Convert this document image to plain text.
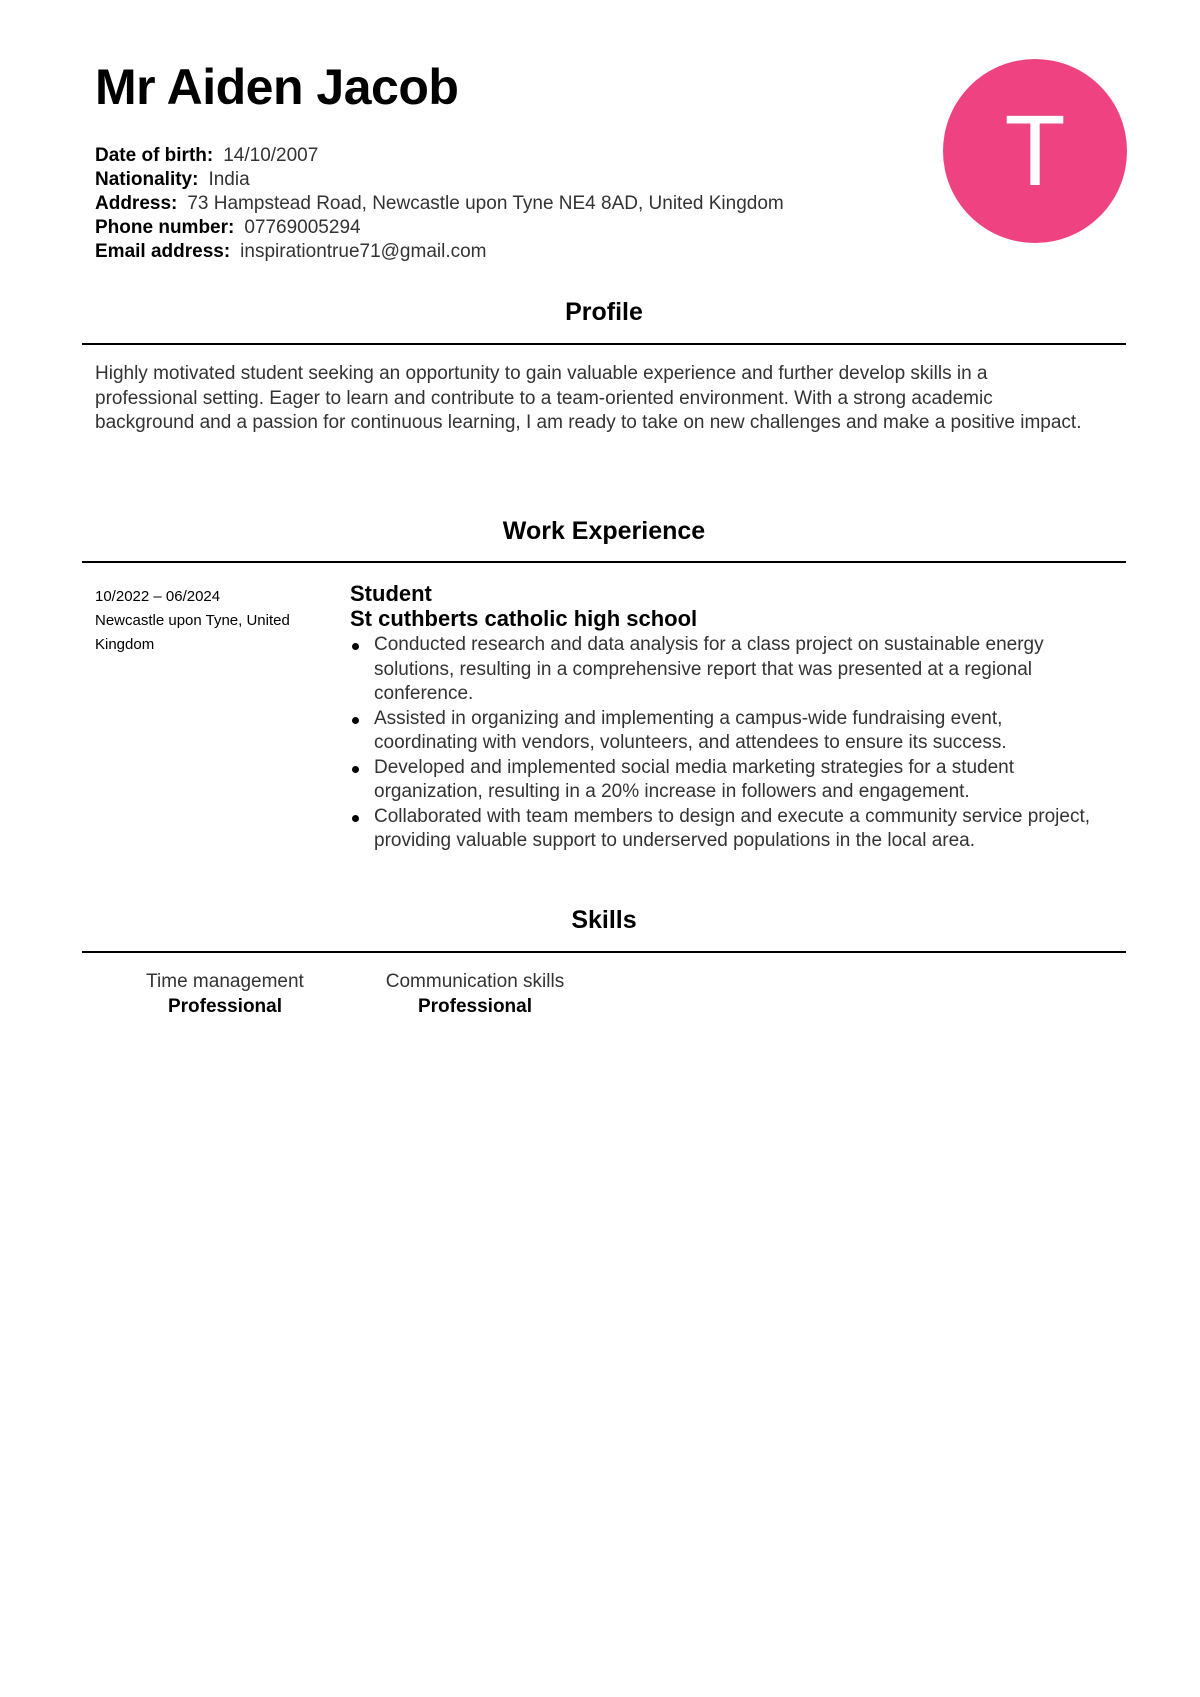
Mr Aiden Jacob
Date of birth: 14/10/2007
Nationality: India
Address: 73 Hampstead Road, Newcastle upon Tyne NE4 8AD, United Kingdom
Phone number: 07769005294
Email address: inspirationtrue71@gmail.com
T
Profile
Highly motivated student seeking an opportunity to gain valuable experience and further develop skills in a professional setting. Eager to learn and contribute to a team-oriented environment. With a strong academic background and a passion for continuous learning, I am ready to take on new challenges and make a positive impact.
Work Experience
10/2022 – 06/2024
Newcastle upon Tyne, United Kingdom
Student
St cuthberts catholic high school
Conducted research and data analysis for a class project on sustainable energy solutions, resulting in a comprehensive report that was presented at a regional conference.
Assisted in organizing and implementing a campus-wide fundraising event, coordinating with vendors, volunteers, and attendees to ensure its success.
Developed and implemented social media marketing strategies for a student organization, resulting in a 20% increase in followers and engagement.
Collaborated with team members to design and execute a community service project, providing valuable support to underserved populations in the local area.
Skills
Time management
Professional
Communication skills
Professional
